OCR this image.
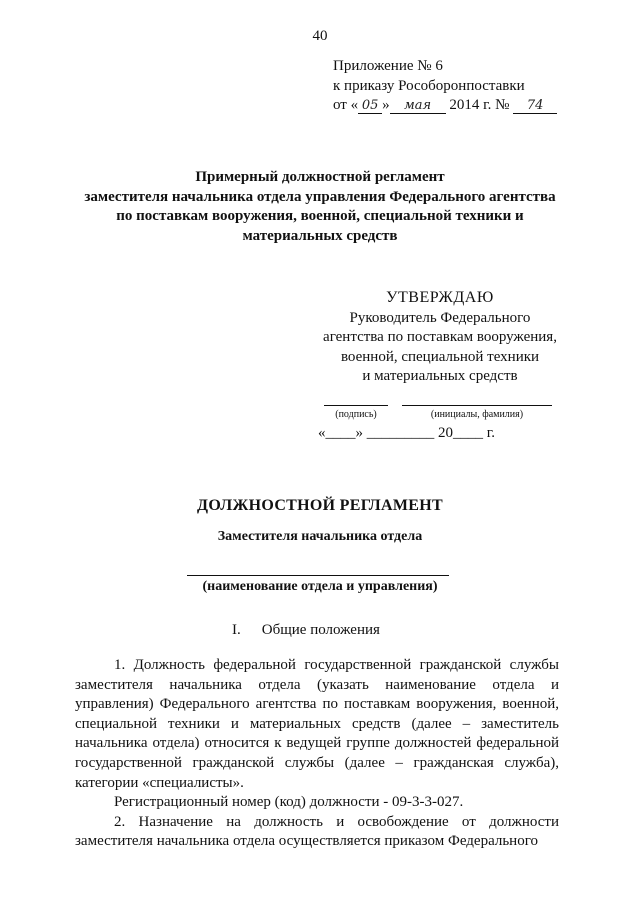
40
Приложение № 6
к приказу Рособоронпоставки
от « 05 » мая 2014 г. № 74
Примерный должностной регламент
заместителя начальника отдела управления Федерального агентства
по поставкам вооружения, военной, специальной техники и
материальных средств
УТВЕРЖДАЮ
Руководитель Федерального
агентства по поставкам вооружения,
военной, специальной техники
и материальных средств
(подпись)	(инициалы, фамилия)
«____» _________ 20____ г.
ДОЛЖНОСТНОЙ РЕГЛАМЕНТ
Заместителя начальника отдела
(наименование отдела и управления)
I. Общие положения

1. Должность федеральной государственной гражданской службы заместителя начальника отдела (указать наименование отдела и управления) Федерального агентства по поставкам вооружения, военной, специальной техники и материальных средств (далее – заместитель начальника отдела) относится к ведущей группе должностей федеральной государственной гражданской службы (далее – гражданская служба), категории «специалисты».

Регистрационный номер (код) должности - 09-3-3-027.

2. Назначение на должность и освобождение от должности заместителя начальника отдела осуществляется приказом Федерального
